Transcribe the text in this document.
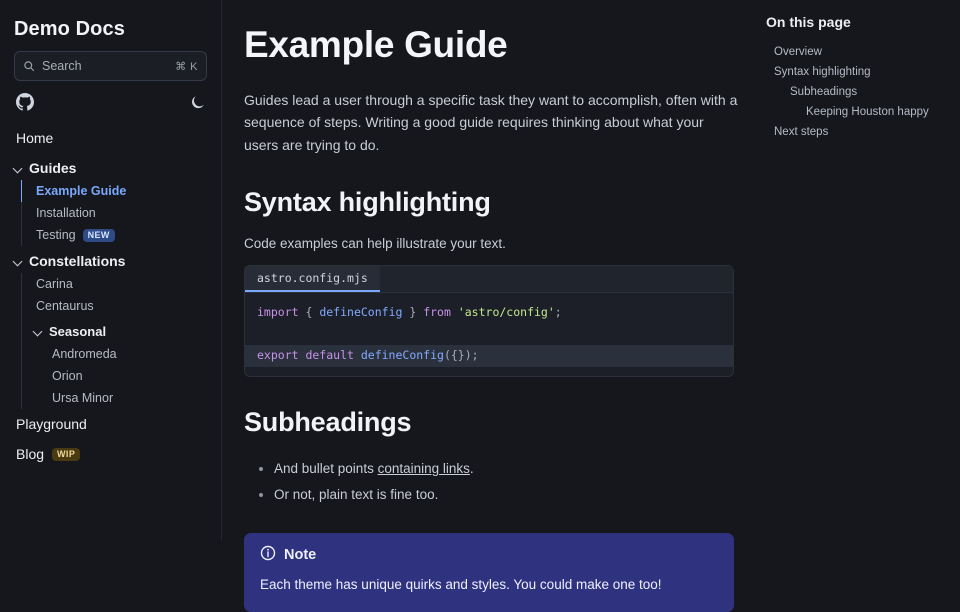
Demo Docs
Search	⌘ K
Home
Guides
Example Guide
Installation
Testing	NEW
Constellations
Carina
Centaurus
Seasonal
Andromeda
Orion
Ursa Minor
Playground
Blog	WIP
Example Guide

Guides lead a user through a specific task they want to accomplish, often with a sequence of steps. Writing a good guide requires thinking about what your users are trying to do.

Syntax highlighting

Code examples can help illustrate your text.

astro.config.mjs
import { defineConfig } from 'astro/config';

export default defineConfig({});
Subheadings
• And bullet points containing links.
• Or not, plain text is fine too.
Note
Each theme has unique quirks and styles. You could make one too!
On this page
Overview
Syntax highlighting
Subheadings
Keeping Houston happy
Next steps
